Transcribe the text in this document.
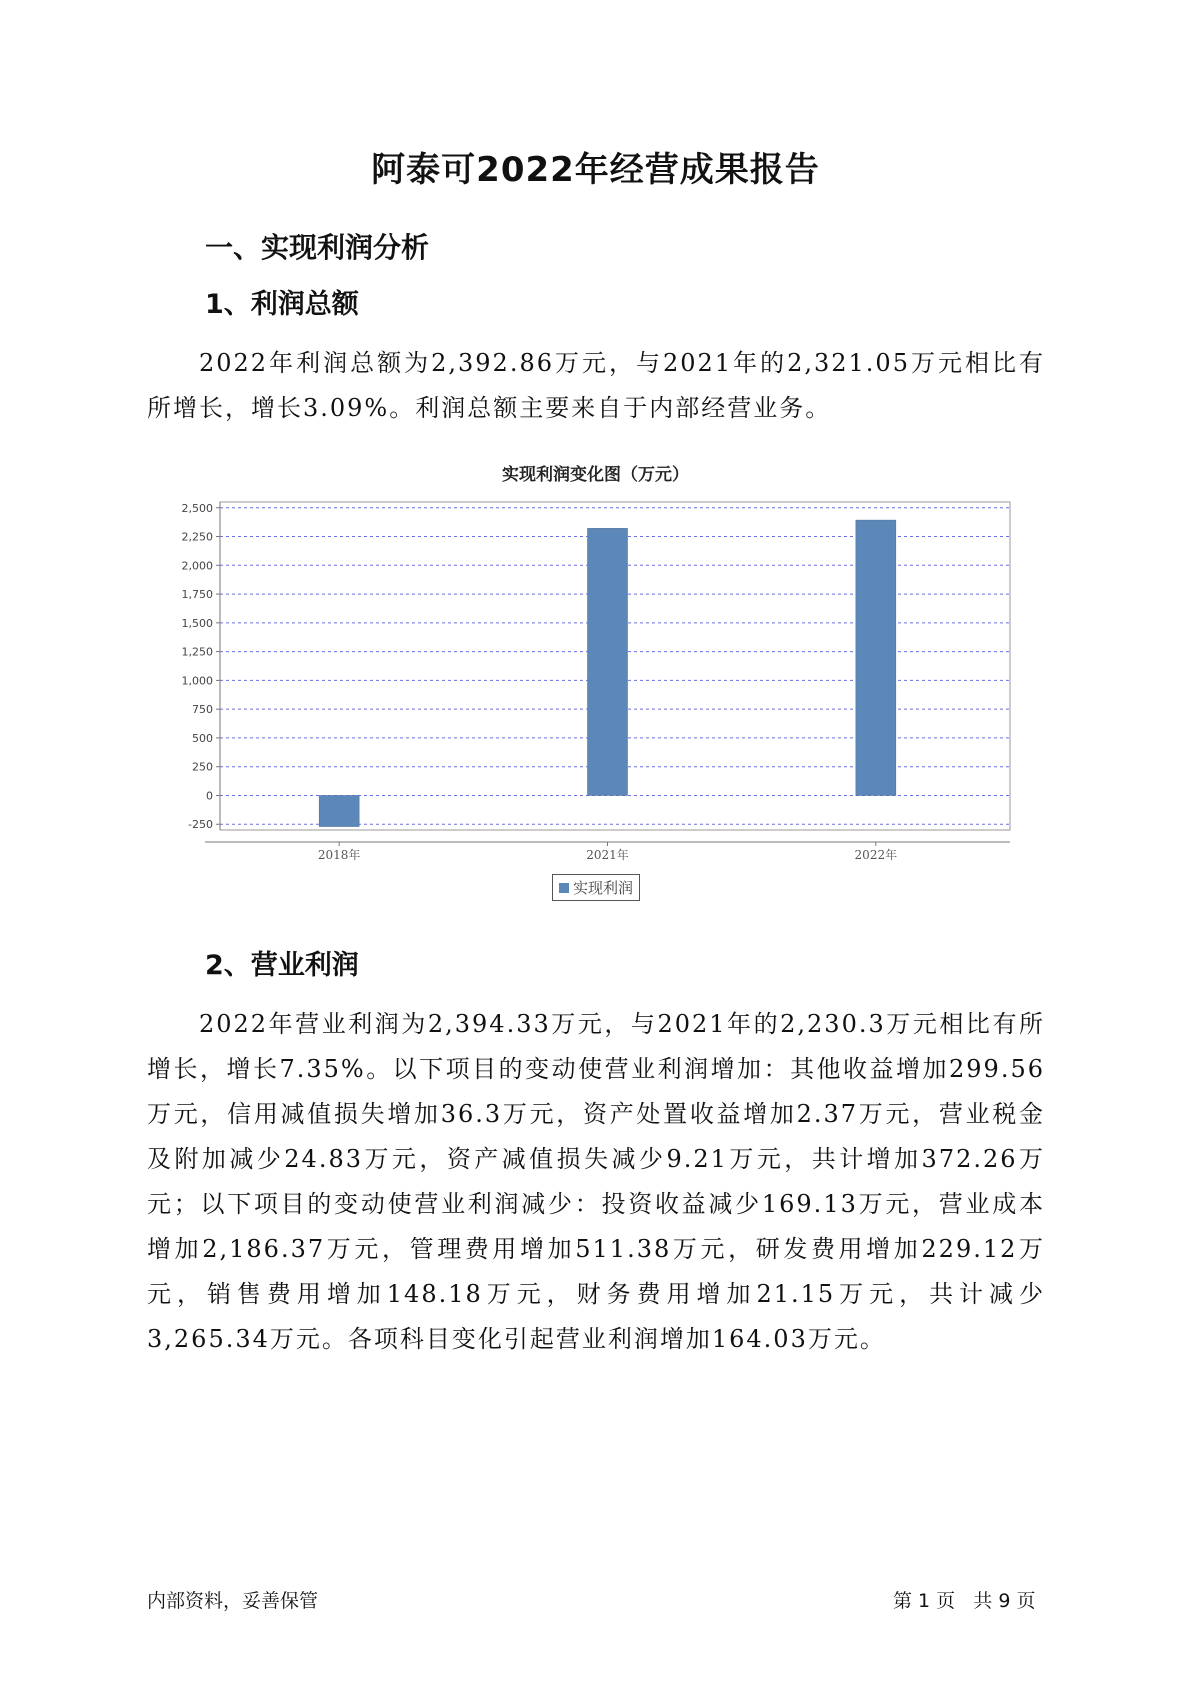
阿泰可2022年经营成果报告
一、实现利润分析
1、利润总额

2022年利润总额为2,392.86万元，与2021年的2,321.05万元相比有所增长，增长3.09%。利润总额主要来自于内部经营业务。

实现利润变化图（万元）
-250
0
250
500
750
1,000
1,250
1,500
1,750
2,000
2,250
2,500
2018年	2021年	2022年
实现利润
2、营业利润

2022年营业利润为2,394.33万元，与2021年的2,230.3万元相比有所增长，增长7.35%。以下项目的变动使营业利润增加：其他收益增加299.56万元，信用减值损失增加36.3万元，资产处置收益增加2.37万元，营业税金及附加减少24.83万元，资产减值损失减少9.21万元，共计增加372.26万元；以下项目的变动使营业利润减少：投资收益减少169.13万元，营业成本增加2,186.37万元，管理费用增加511.38万元，研发费用增加229.12万元，销售费用增加148.18万元，财务费用增加21.15万元，共计减少3,265.34万元。各项科目变化引起营业利润增加164.03万元。

内部资料，妥善保管	第 1 页   共 9 页
